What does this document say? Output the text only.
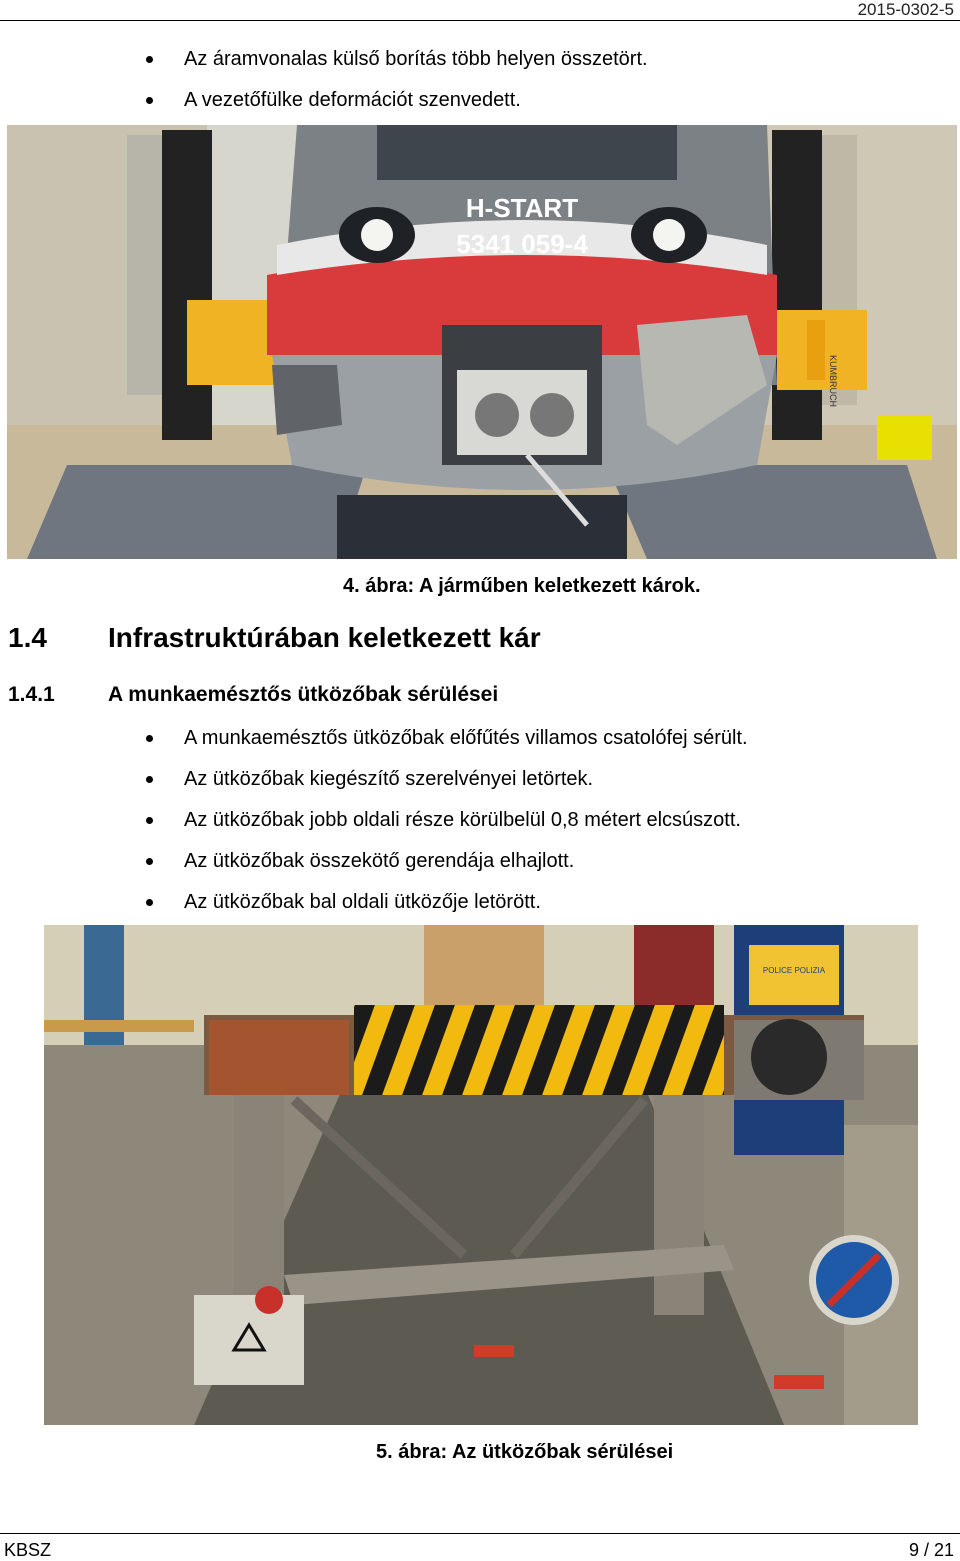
2015-0302-5
Az áramvonalas külső borítás több helyen összetört.
A vezetőfülke deformációt szenvedett.
H-START
5341 059-4
KUMBRUCH
4. ábra: A járműben keletkezett károk.
1.4 Infrastruktúrában keletkezett kár
1.4.1	A munkaemésztős ütközőbak sérülései
A munkaemésztős ütközőbak előfűtés villamos csatolófej sérült.
Az ütközőbak kiegészítő szerelvényei letörtek.
Az ütközőbak jobb oldali része körülbelül 0,8 métert elcsúszott.
Az ütközőbak összekötő gerendája elhajlott.
Az ütközőbak bal oldali ütközője letörött.
POLICE POLIZIA
5. ábra: Az ütközőbak sérülései
KBSZ	9 / 21
